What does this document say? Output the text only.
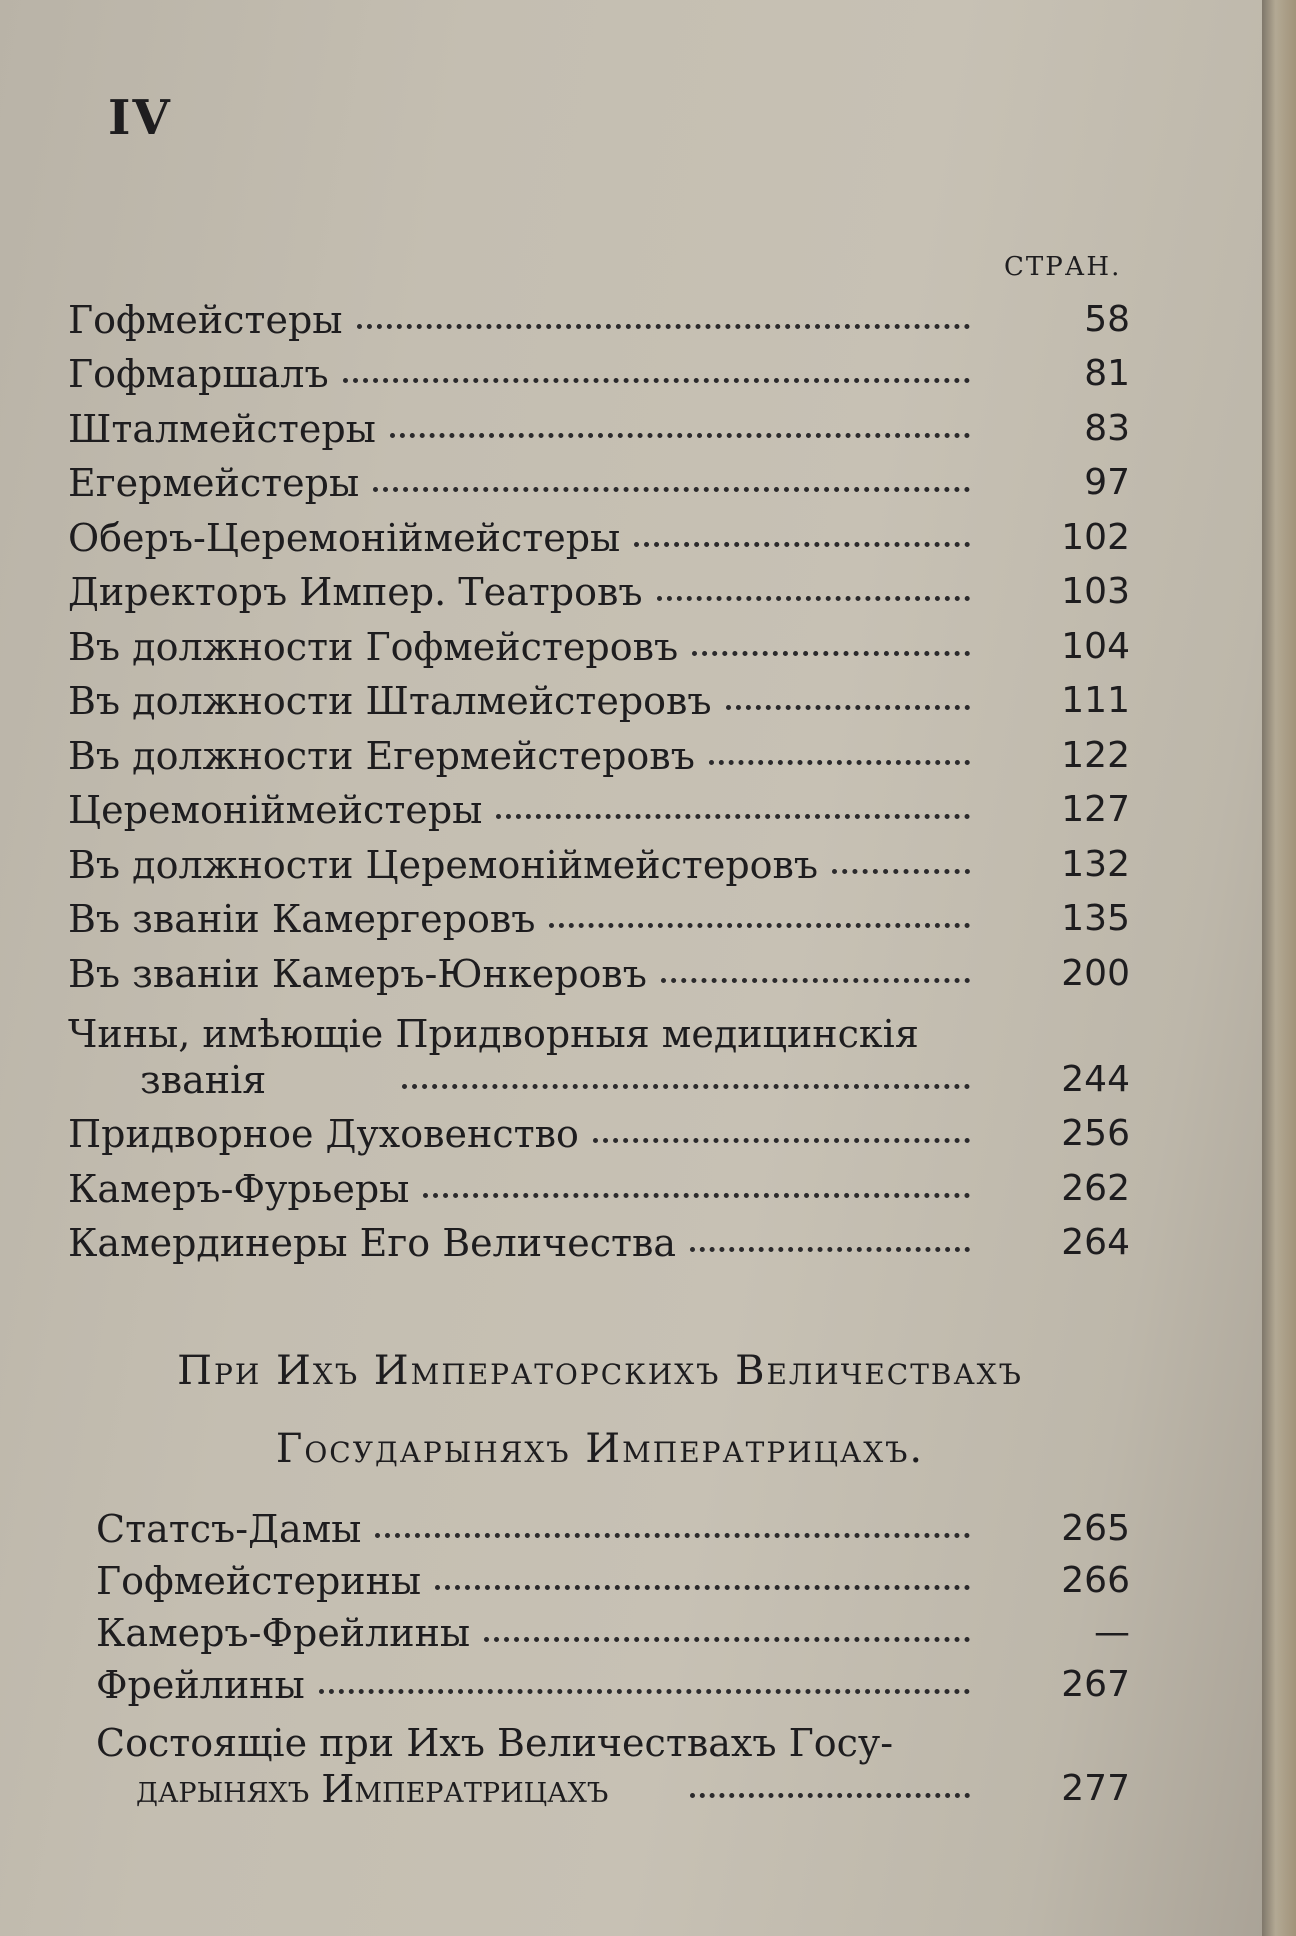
IV
СТРАН.
Гофмейстеры	58
Гофмаршалъ	81
Шталмейстеры	83
Егермейстеры	97
Оберъ-Церемонiймейстеры	102
Директоръ Импер. Театровъ	103
Въ должности Гофмейстеровъ	104
Въ должности Шталмейстеровъ	111
Въ должности Егермейстеровъ	122
Церемонiймейстеры	127
Въ должности Церемонiймейстеровъ	132
Въ званiи Камергеровъ	135
Въ званiи Камеръ-Юнкеровъ	200
Чины, имѣющiе Придворныя медицинскiя
званiя	244
Придворное Духовенство	256
Камеръ-Фурьеры	262
Камердинеры Его Величества	264
При Ихъ Императорскихъ Величествахъ
Государыняхъ Императрицахъ.
Статсъ-Дамы	265
Гофмейстерины	266
Камеръ-Фрейлины	—
Фрейлины	267
Состоящiе при Ихъ Величествахъ Госу-
дарыняхъ Императрицахъ	277
